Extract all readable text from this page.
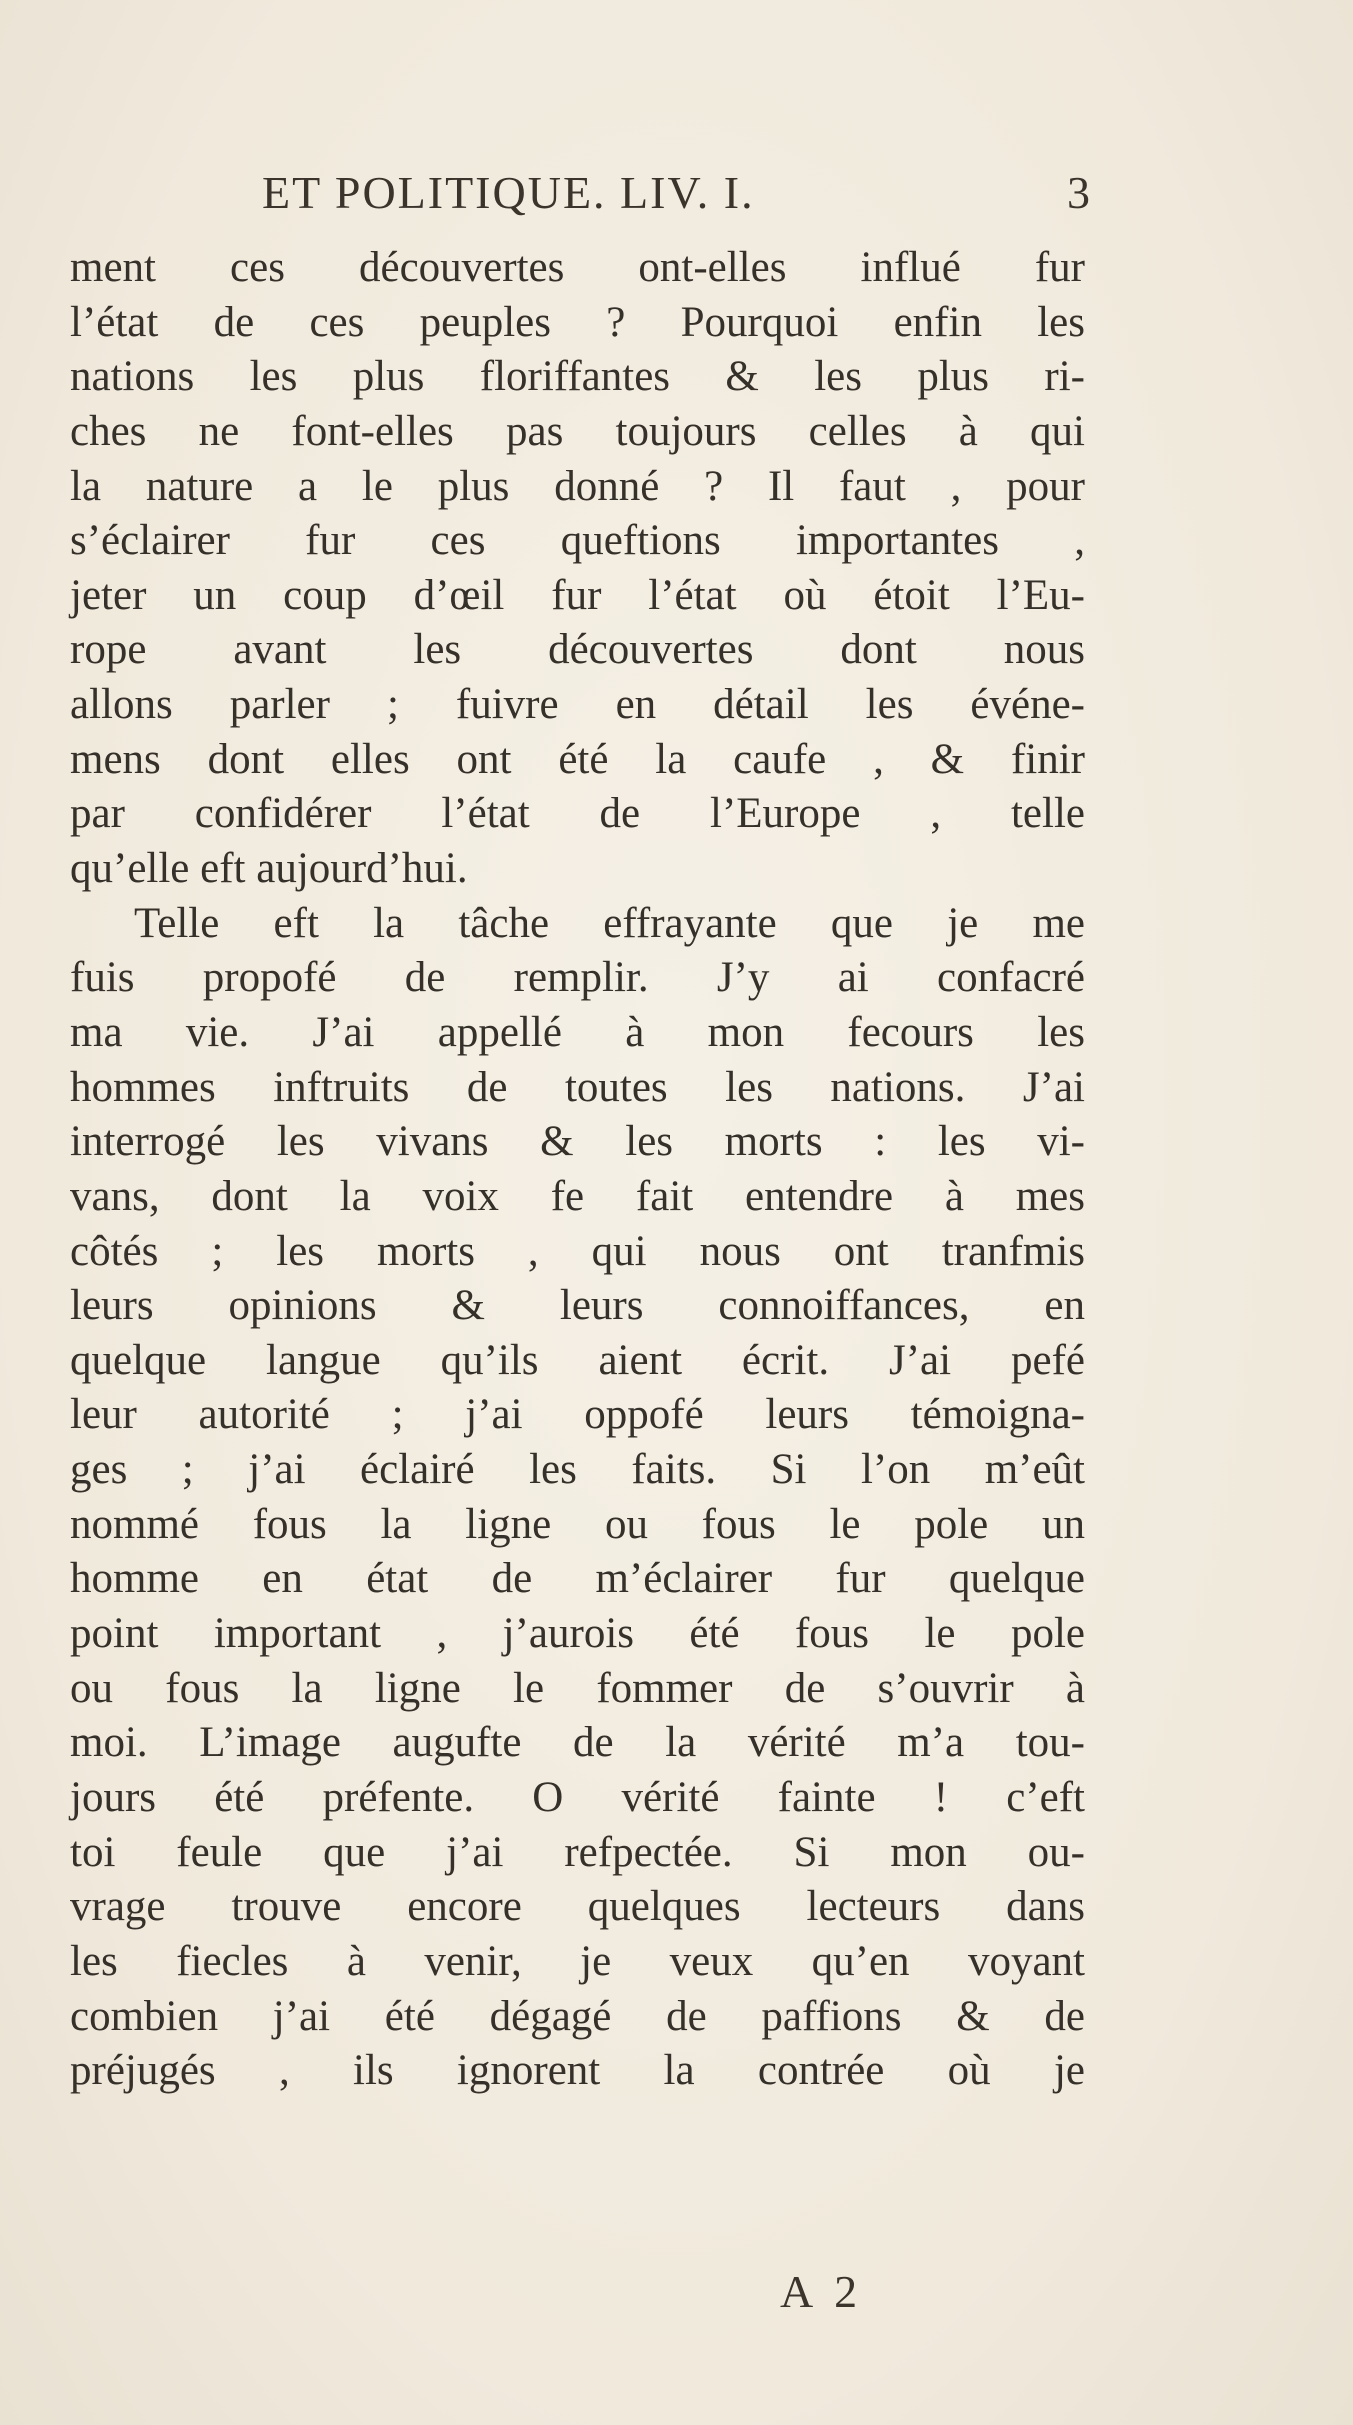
ET POLITIQUE. LIV. I.	3
ment ces découvertes ont-elles influé fur
l’état de ces peuples ? Pourquoi enfin les
nations les plus floriffantes & les plus ri-
ches ne font-elles pas toujours celles à qui
la nature a le plus donné ? Il faut , pour
s’éclairer fur ces queftions importantes ,
jeter un coup d’œil fur l’état où étoit l’Eu-
rope avant les découvertes dont nous
allons parler ; fuivre en détail les événe-
mens dont elles ont été la caufe , & finir
par confidérer l’état de l’Europe , telle
qu’elle eft aujourd’hui.
Telle eft la tâche effrayante que je me
fuis propofé de remplir. J’y ai confacré
ma vie. J’ai appellé à mon fecours les
hommes inftruits de toutes les nations. J’ai
interrogé les vivans & les morts : les vi-
vans, dont la voix fe fait entendre à mes
côtés ; les morts , qui nous ont tranfmis
leurs opinions & leurs connoiffances, en
quelque langue qu’ils aient écrit. J’ai pefé
leur autorité ; j’ai oppofé leurs témoigna-
ges ; j’ai éclairé les faits. Si l’on m’eût
nommé fous la ligne ou fous le pole un
homme en état de m’éclairer fur quelque
point important , j’aurois été fous le pole
ou fous la ligne le fommer de s’ouvrir à
moi. L’image augufte de la vérité m’a tou-
jours été préfente. O vérité fainte ! c’eft
toi feule que j’ai refpectée. Si mon ou-
vrage trouve encore quelques lecteurs dans
les fiecles à venir, je veux qu’en voyant
combien j’ai été dégagé de paffions & de
préjugés , ils ignorent la contrée où je
A 2
